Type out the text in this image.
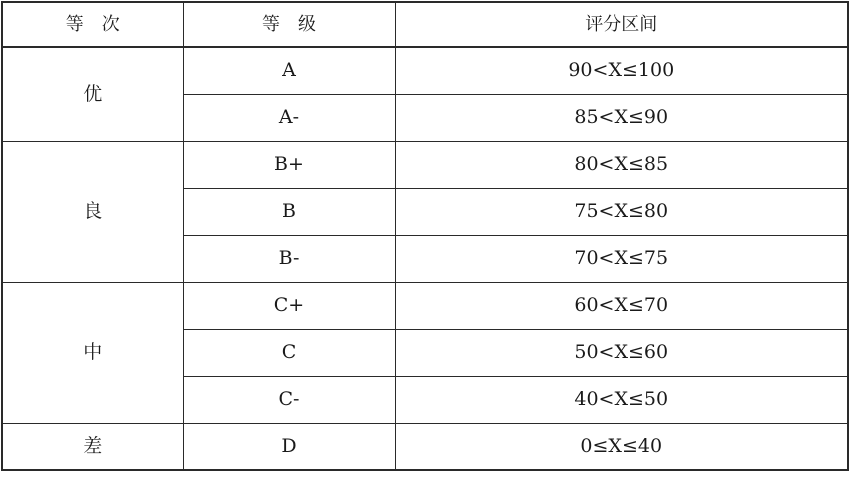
等　次	等　级	评分区间
优	A	90<X≤100
	A-	85<X≤90
良	B+	80<X≤85
	B	75<X≤80
	B-	70<X≤75
中	C+	60<X≤70
	C	50<X≤60
	C-	40<X≤50
差	D	0≤X≤40
